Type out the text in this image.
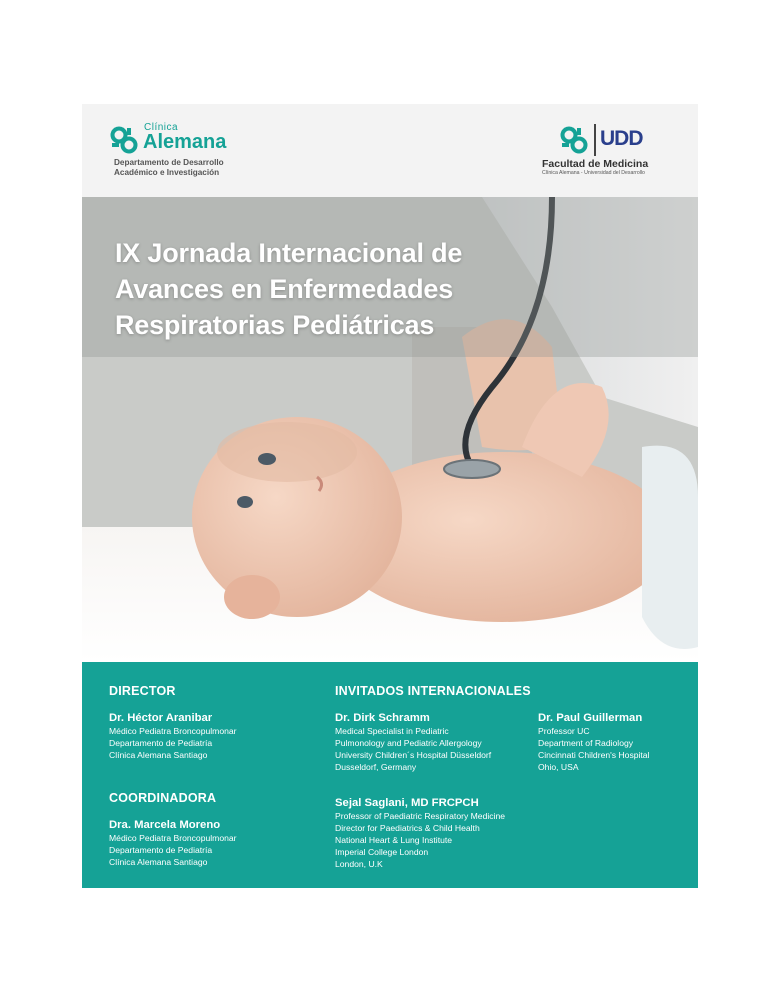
Clínica
Alemana
Departamento de Desarrollo
Académico e Investigación
UDD
Facultad de Medicina
Clínica Alemana - Universidad del Desarrollo
IX Jornada Internacional de
Avances en Enfermedades
Respiratorias Pediátricas
DIRECTOR
Dr. Héctor Aranibar
Médico Pediatra Broncopulmonar
Departamento de Pediatría
Clínica Alemana Santiago
COORDINADORA
Dra. Marcela Moreno
Médico Pediatra Broncopulmonar
Departamento de Pediatría
Clínica Alemana Santiago
INVITADOS INTERNACIONALES
Dr. Dirk Schramm
Medical Specialist in Pediatric
Pulmonology and Pediatric Allergology
University Children´s Hospital Düsseldorf
Dusseldorf, Germany
Dr. Paul Guillerman
Professor UC
Department of Radiology
Cincinnati Children's Hospital
Ohio, USA
Sejal Saglani, MD FRCPCH
Professor of Paediatric Respiratory Medicine
Director for Paediatrics & Child Health
National Heart & Lung Institute
Imperial College London
London, U.K
